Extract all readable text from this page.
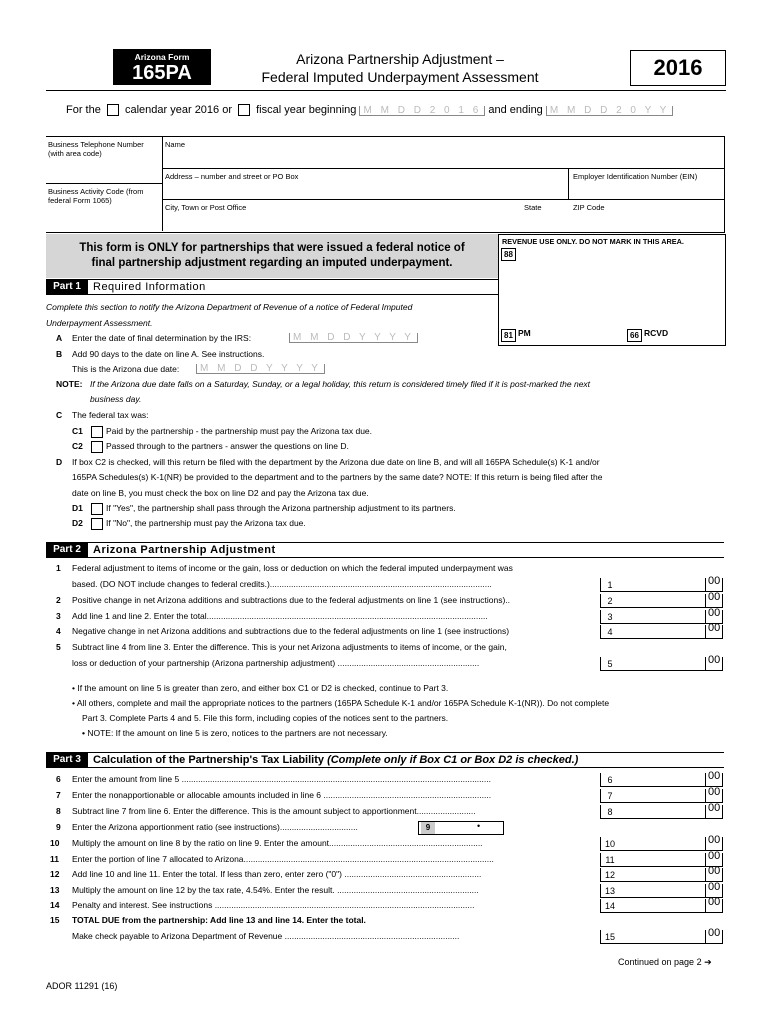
Arizona Form
165PA
Arizona Partnership Adjustment –
Federal Imputed Underpayment Assessment	2016
For the calendar year 2016 or fiscal year beginning M M D D 2 0 1 6 and ending M M D D 2 0 Y Y
Business Telephone Number (with area code)
Name
Address – number and street or PO Box	Employer Identification Number (EIN)
Business Activity Code (from federal Form 1065)
City, Town or Post Office	State	ZIP Code
This form is ONLY for partnerships that were issued a federal notice of
final partnership adjustment regarding an imputed underpayment.
REVENUE USE ONLY. DO NOT MARK IN THIS AREA.
88
81 PM	66 RCVD
Part 1	Required Information
Complete this section to notify the Arizona Department of Revenue of a notice of Federal Imputed
Underpayment Assessment.
A Enter the date of final determination by the IRS:	M M D D Y Y Y Y
B Add 90 days to the date on line A. See instructions.
This is the Arizona due date:	M M D D Y Y Y Y
NOTE: If the Arizona due date falls on a Saturday, Sunday, or a legal holiday, this return is considered timely filed if it is post-marked the next
business day.
C The federal tax was:
C1	Paid by the partnership - the partnership must pay the Arizona tax due.
C2	Passed through to the partners - answer the questions on line D.
D If box C2 is checked, will this return be filed with the department by the Arizona due date on line B, and will all 165PA Schedule(s) K-1 and/or
165PA Schedules(s) K-1(NR) be provided to the department and to the partners by the same date? NOTE: If this return is being filed after the
date on line B, you must check the box on line D2 and pay the Arizona tax due.
D1	If "Yes", the partnership shall pass through the Arizona partnership adjustment to its partners.
D2	If "No", the partnership must pay the Arizona tax due.
Part 2	Arizona Partnership Adjustment
1 Federal adjustment to items of income or the gain, loss or deduction on which the federal imputed underpayment was
based. (DO NOT include changes to federal credits.)..............................................................................................	1	00
2 Positive change in net Arizona additions and subtractions due to the federal adjustments on line 1 (see instructions)..	2	00
3 Add line 1 and line 2. Enter the total.......................................................................................................................	3	00
4 Negative change in net Arizona additions and subtractions due to the federal adjustments on line 1 (see instructions)	4	00
5 Subtract line 4 from line 3. Enter the difference. This is your net Arizona adjustments to items of income, or the gain,
loss or deduction of your partnership (Arizona partnership adjustment) ............................................................	5	00
• If the amount on line 5 is greater than zero, and either box C1 or D2 is checked, continue to Part 3.
• All others, complete and mail the appropriate notices to the partners (165PA Schedule K-1 and/or 165PA Schedule K-1(NR)). Do not complete
Part 3. Complete Parts 4 and 5. File this form, including copies of the notices sent to the partners.
• NOTE: If the amount on line 5 is zero, notices to the partners are not necessary.
Part 3	Calculation of the Partnership's Tax Liability (Complete only if Box C1 or Box D2 is checked.)
6 Enter the amount from line 5 ...................................................................................................................................	6	00
7 Enter the nonapportionable or allocable amounts included in line 6 .......................................................................	7	00
8 Subtract line 7 from line 6. Enter the difference. This is the amount subject to apportionment.........................	8	00
9 Enter the Arizona apportionment ratio (see instructions).................................	9	•
10 Multiply the amount on line 8 by the ratio on line 9. Enter the amount.................................................................	10	00
11 Enter the portion of line 7 allocated to Arizona..........................................................................................................	11	00
12 Add line 10 and line 11. Enter the total. If less than zero, enter zero ("0") ..........................................................	12	00
13 Multiply the amount on line 12 by the tax rate, 4.54%. Enter the result. ............................................................	13	00
14 Penalty and interest. See instructions ..............................................................................................................	14	00
15 TOTAL DUE from the partnership: Add line 13 and line 14. Enter the total.
Make check payable to Arizona Department of Revenue ..........................................................................	15	00
Continued on page 2 ➔
ADOR 11291 (16)
